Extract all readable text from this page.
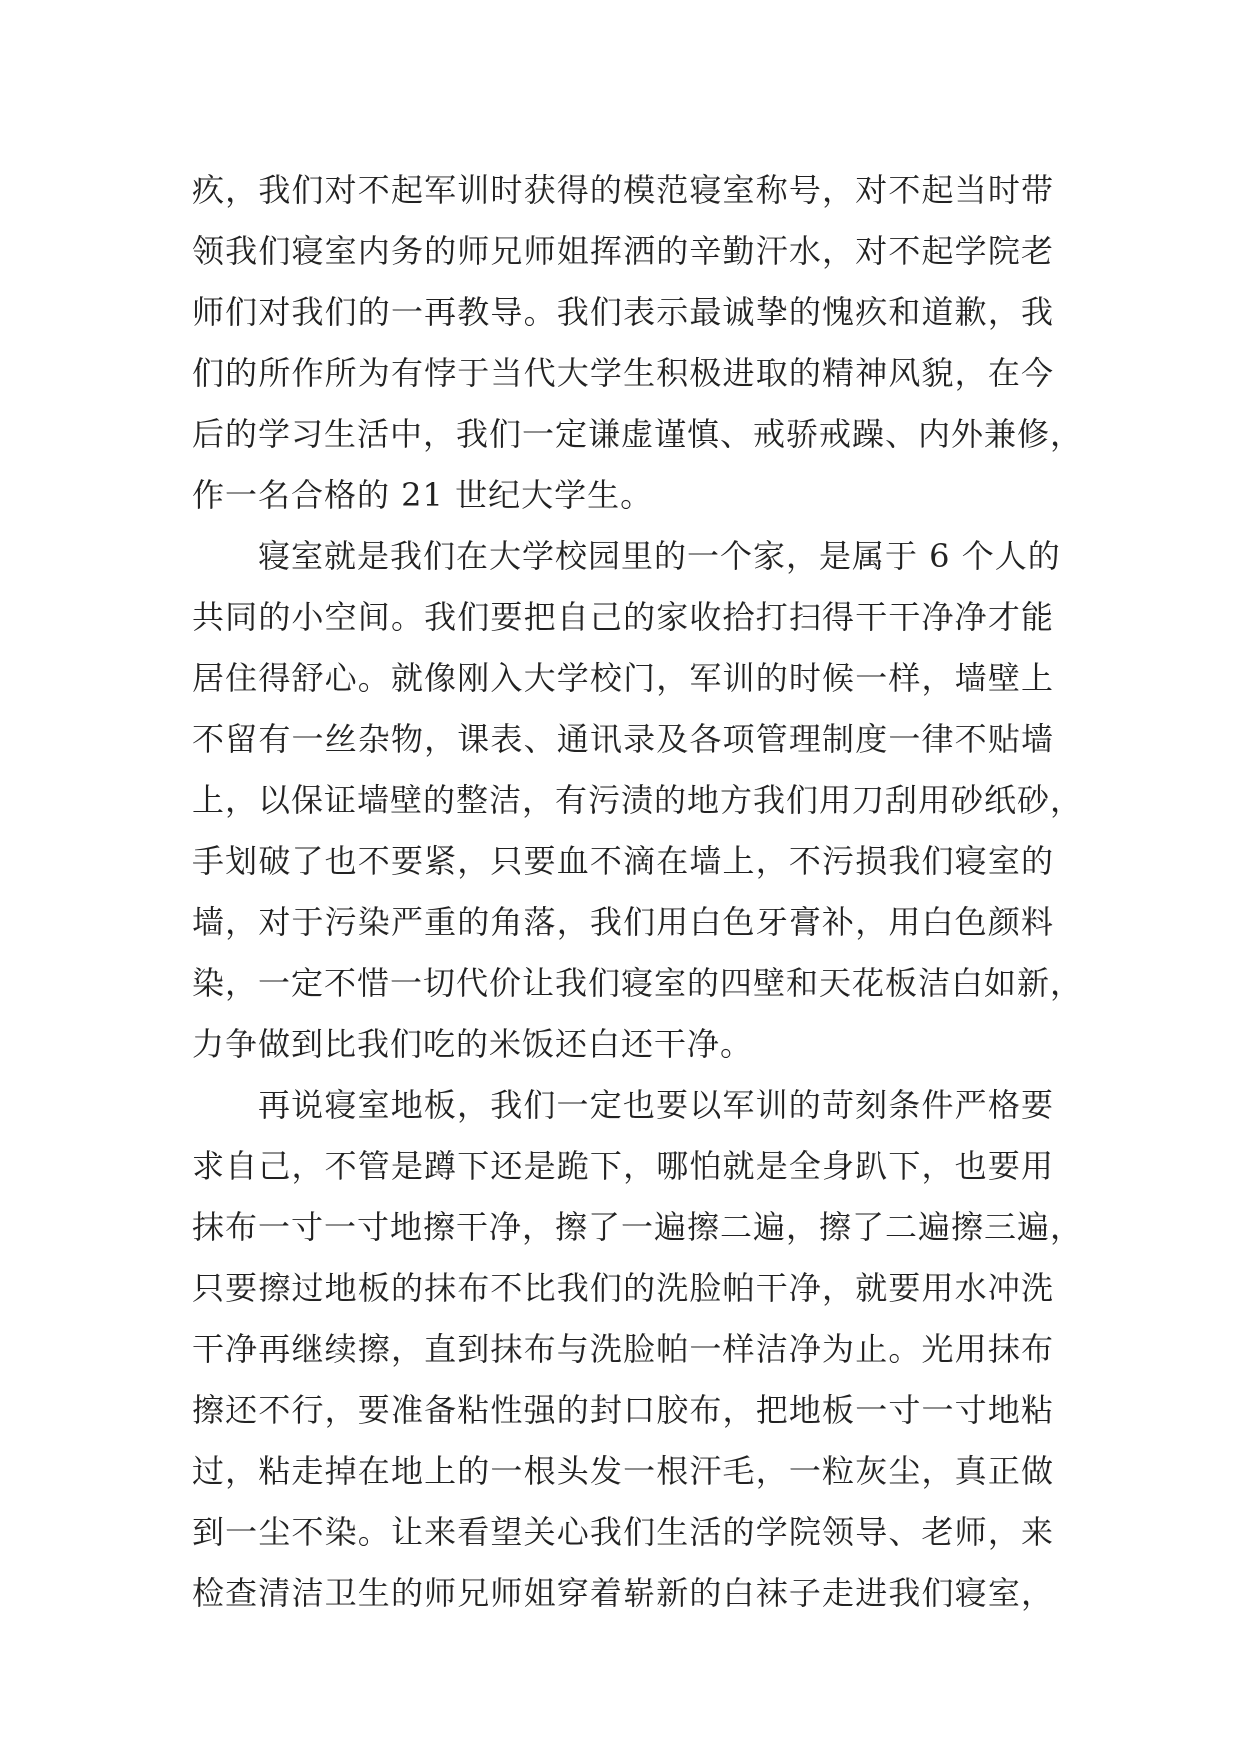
疚，我们对不起军训时获得的模范寝室称号，对不起当时带
领我们寝室内务的师兄师姐挥洒的辛勤汗水，对不起学院老
师们对我们的一再教导。我们表示最诚挚的愧疚和道歉，我
们的所作所为有悖于当代大学生积极进取的精神风貌，在今
后的学习生活中，我们一定谦虚谨慎、戒骄戒躁、内外兼修，
作一名合格的 21 世纪大学生。
寝室就是我们在大学校园里的一个家，是属于 6 个人的
共同的小空间。我们要把自己的家收拾打扫得干干净净才能
居住得舒心。就像刚入大学校门，军训的时候一样，墙壁上
不留有一丝杂物，课表、通讯录及各项管理制度一律不贴墙
上，以保证墙壁的整洁，有污渍的地方我们用刀刮用砂纸砂，
手划破了也不要紧，只要血不滴在墙上，不污损我们寝室的
墙，对于污染严重的角落，我们用白色牙膏补，用白色颜料
染，一定不惜一切代价让我们寝室的四壁和天花板洁白如新，
力争做到比我们吃的米饭还白还干净。
再说寝室地板，我们一定也要以军训的苛刻条件严格要
求自己，不管是蹲下还是跪下，哪怕就是全身趴下，也要用
抹布一寸一寸地擦干净，擦了一遍擦二遍，擦了二遍擦三遍，
只要擦过地板的抹布不比我们的洗脸帕干净，就要用水冲洗
干净再继续擦，直到抹布与洗脸帕一样洁净为止。光用抹布
擦还不行，要准备粘性强的封口胶布，把地板一寸一寸地粘
过，粘走掉在地上的一根头发一根汗毛，一粒灰尘，真正做
到一尘不染。让来看望关心我们生活的学院领导、老师，来
检查清洁卫生的师兄师姐穿着崭新的白袜子走进我们寝室，
